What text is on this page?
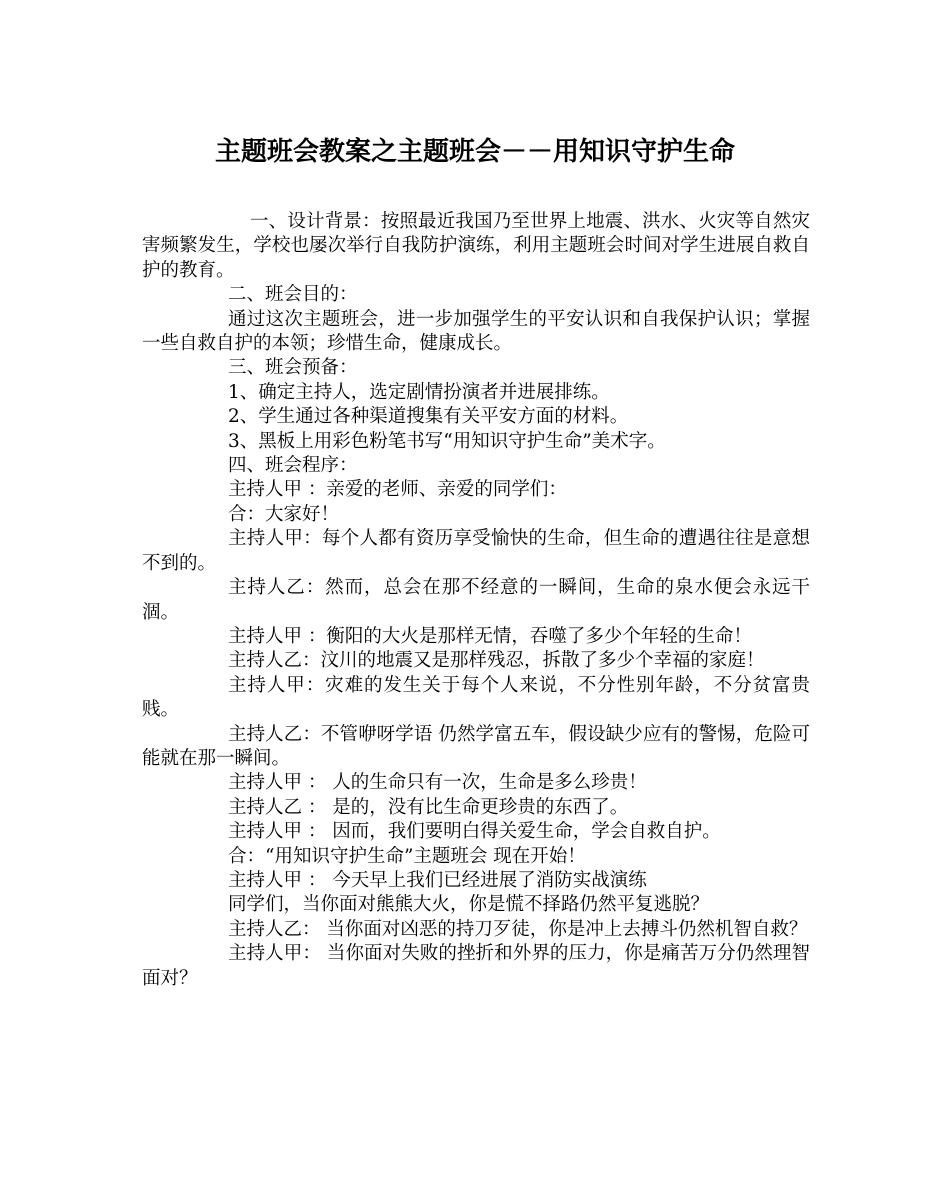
主题班会教案之主题班会－－用知识守护生命

一、设计背景：按照最近我国乃至世界上地震、洪水、火灾等自然灾害频繁发生，学校也屡次举行自我防护演练，利用主题班会时间对学生进展自救自护的教育。

二、班会目的：

通过这次主题班会，进一步加强学生的平安认识和自我保护认识；掌握一些自救自护的本领；珍惜生命，健康成长。

三、班会预备：

1、确定主持人，选定剧情扮演者并进展排练。

2、学生通过各种渠道搜集有关平安方面的材料。

3、黑板上用彩色粉笔书写“用知识守护生命”美术字。

四、班会程序：

主持人甲 ：亲爱的老师、亲爱的同学们：

合：大家好！

主持人甲：每个人都有资历享受愉快的生命，但生命的遭遇往往是意想不到的。

主持人乙：然而，总会在那不经意的一瞬间，生命的泉水便会永远干涸。

主持人甲 ：衡阳的大火是那样无情，吞噬了多少个年轻的生命！

主持人乙：汶川的地震又是那样残忍，拆散了多少个幸福的家庭！

主持人甲：灾难的发生关于每个人来说，不分性别年龄，不分贫富贵贱。

主持人乙：不管咿呀学语 仍然学富五车，假设缺少应有的警惕，危险可能就在那一瞬间。

主持人甲 ： 人的生命只有一次，生命是多么珍贵！

主持人乙 ： 是的，没有比生命更珍贵的东西了。

主持人甲 ： 因而，我们要明白得关爱生命，学会自救自护。

合：“用知识守护生命”主题班会 现在开始！

主持人甲 ： 今天早上我们已经进展了消防实战演练

同学们，当你面对熊熊大火，你是慌不择路仍然平复逃脱？

主持人乙： 当你面对凶恶的持刀歹徒，你是冲上去搏斗仍然机智自救？

主持人甲： 当你面对失败的挫折和外界的压力，你是痛苦万分仍然理智面对？
